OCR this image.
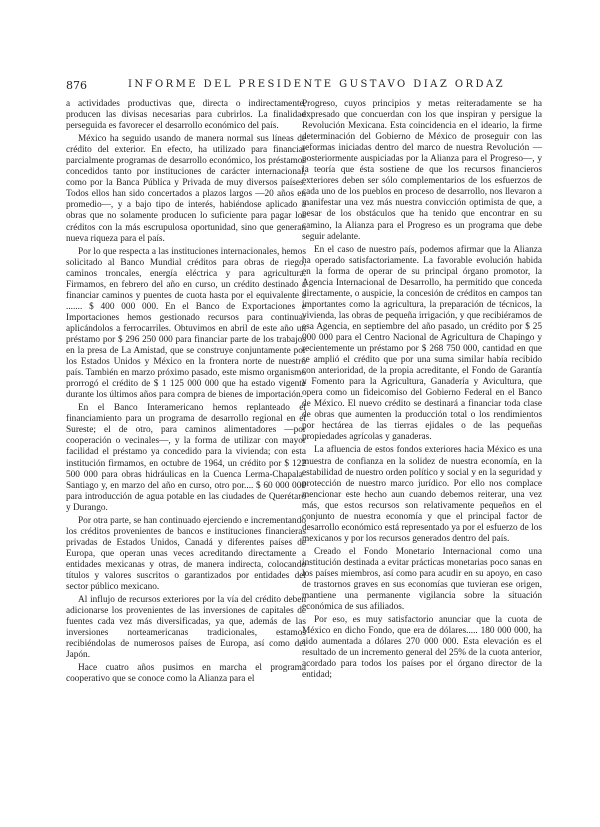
876	INFORME DEL PRESIDENTE GUSTAVO DIAZ ORDAZ

a actividades productivas que, directa o indirectamente, producen las divisas necesarias para cubrirlos. La finalidad perseguida es favorecer el desarrollo económico del país.

México ha seguido usando de manera normal sus líneas de crédito del exterior. En efecto, ha utilizado para financiar parcialmente programas de desarrollo económico, los préstamos concedidos tanto por instituciones de carácter internacional, como por la Banca Pública y Privada de muy diversos países. Todos ellos han sido concertados a plazos largos —20 años en promedio—, y a bajo tipo de interés, habiéndose aplicado a obras que no solamente producen lo suficiente para pagar los créditos con la más escrupulosa oportunidad, sino que generan nueva riqueza para el país.

Por lo que respecta a las instituciones internacionales, hemos solicitado al Banco Mundial créditos para obras de riego, caminos troncales, energía eléctrica y para agricultura. Firmamos, en febrero del año en curso, un crédito destinado a financiar caminos y puentes de cuota hasta por el equivalente a ....... $ 400 000 000. En el Banco de Exportaciones e Importaciones hemos gestionado recursos para continuar aplicándolos a ferrocarriles. Obtuvimos en abril de este año un préstamo por $ 296 250 000 para financiar parte de los trabajos en la presa de La Amistad, que se construye conjuntamente por los Estados Unidos y México en la frontera norte de nuestro país. También en marzo próximo pasado, este mismo organismo prorrogó el crédito de $ 1 125 000 000 que ha estado vigente durante los últimos años para compra de bienes de importación.

En el Banco Interamericano hemos replanteado el financiamiento para un programa de desarrollo regional en el Sureste; el de otro, para caminos alimentadores —por cooperación o vecinales—, y la forma de utilizar con mayor facilidad el préstamo ya concedido para la vivienda; con esta institución firmamos, en octubre de 1964, un crédito por $ 122 500 000 para obras hidráulicas en la Cuenca Lerma-Chapala-Santiago y, en marzo del año en curso, otro por.... $ 60 000 000 para introducción de agua potable en las ciudades de Querétaro y Durango.

Por otra parte, se han continuado ejerciendo e incrementando los créditos provenientes de bancos e instituciones financieras privadas de Estados Unidos, Canadá y diferentes países de Europa, que operan unas veces acreditando directamente a entidades mexicanas y otras, de manera indirecta, colocando títulos y valores suscritos o garantizados por entidades del sector público mexicano.

Al influjo de recursos exteriores por la vía del crédito deben adicionarse los provenientes de las inversiones de capitales de fuentes cada vez más diversificadas, ya que, además de las inversiones norteamericanas tradicionales, estamos recibiéndolas de numerosos países de Europa, así como del Japón.

Hace cuatro años pusimos en marcha el programa cooperativo que se conoce como la Alianza para el

Progreso, cuyos principios y metas reiteradamente se ha expresado que concuerdan con los que inspiran y persigue la Revolución Mexicana. Esta coincidencia en el ideario, la firme determinación del Gobierno de México de proseguir con las reformas iniciadas dentro del marco de nuestra Revolución —posteriormente auspiciadas por la Alianza para el Progreso—, y la teoría que ésta sostiene de que los recursos financieros exteriores deben ser sólo complementarios de los esfuerzos de cada uno de los pueblos en proceso de desarrollo, nos llevaron a manifestar una vez más nuestra convicción optimista de que, a pesar de los obstáculos que ha tenido que encontrar en su camino, la Alianza para el Progreso es un programa que debe seguir adelante.

En el caso de nuestro país, podemos afirmar que la Alianza ha operado satisfactoriamente. La favorable evolución habida en la forma de operar de su principal órgano promotor, la Agencia Internacional de Desarrollo, ha permitido que conceda directamente, o auspicie, la concesión de créditos en campos tan importantes como la agricultura, la preparación de técnicos, la vivienda, las obras de pequeña irrigación, y que recibiéramos de esa Agencia, en septiembre del año pasado, un crédito por $ 25 000 000 para el Centro Nacional de Agricultura de Chapingo y recientemente un préstamo por $ 268 750 000, cantidad en que se amplió el crédito que por una suma similar había recibido con anterioridad, de la propia acreditante, el Fondo de Garantía y Fomento para la Agricultura, Ganadería y Avicultura, que opera como un fideicomiso del Gobierno Federal en el Banco de México. El nuevo crédito se destinará a financiar toda clase de obras que aumenten la producción total o los rendimientos por hectárea de las tierras ejidales o de las pequeñas propiedades agrícolas y ganaderas.

La afluencia de estos fondos exteriores hacia México es una muestra de confianza en la solidez de nuestra economía, en la estabilidad de nuestro orden político y social y en la seguridad y protección de nuestro marco jurídico. Por ello nos complace mencionar este hecho aun cuando debemos reiterar, una vez más, que estos recursos son relativamente pequeños en el conjunto de nuestra economía y que el principal factor de desarrollo económico está representado ya por el esfuerzo de los mexicanos y por los recursos generados dentro del país.

Creado el Fondo Monetario Internacional como una institución destinada a evitar prácticas monetarias poco sanas en los países miembros, así como para acudir en su apoyo, en caso de trastornos graves en sus economías que tuvieran ese origen, mantiene una permanente vigilancia sobre la situación económica de sus afiliados.

Por eso, es muy satisfactorio anunciar que la cuota de México en dicho Fondo, que era de dólares..... 180 000 000, ha sido aumentada a dólares 270 000 000. Esta elevación es el resultado de un incremento general del 25% de la cuota anterior, acordado para todos los países por el órgano director de la entidad;
